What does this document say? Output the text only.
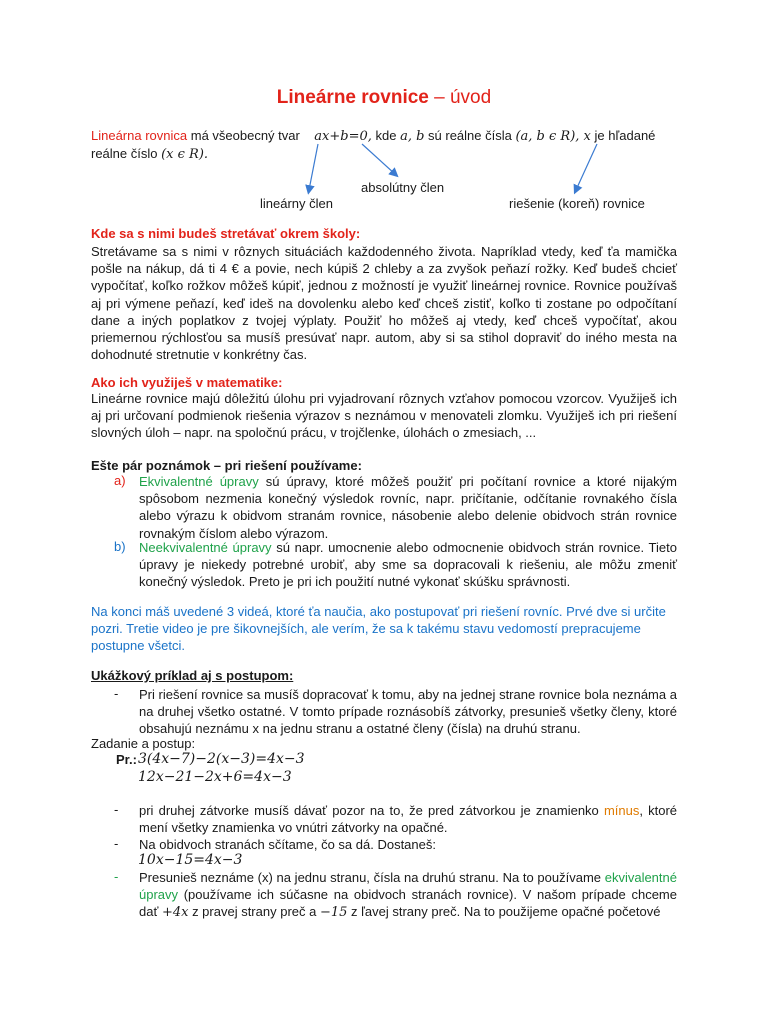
Lineárne rovnice – úvod
Lineárna rovnica má všeobecný tvar ax+b=0, kde a, b sú reálne čísla (a, b ϵ R), x je hľadané
reálne číslo (x ϵ R).
absolútny člen
lineárny člen	riešenie (koreň) rovnice
Kde sa s nimi budeš stretávať okrem školy:
Stretávame sa s nimi v rôznych situáciách každodenného života. Napríklad vtedy, keď ťa mamička pošle na nákup, dá ti 4 € a povie, nech kúpiš 2 chleby a za zvyšok peňazí rožky. Keď budeš chcieť vypočítať, koľko rožkov môžeš kúpiť, jednou z možností je využiť lineárnej rovnice. Rovnice používaš aj pri výmene peňazí, keď ideš na dovolenku alebo keď chceš zistiť, koľko ti zostane po odpočítaní dane a iných poplatkov z tvojej výplaty. Použiť ho môžeš aj vtedy, keď chceš vypočítať, akou priemernou rýchlosťou sa musíš presúvať napr. autom, aby si sa stihol dopraviť do iného mesta na dohodnuté stretnutie v konkrétny čas.
Ako ich využiješ v matematike:
Lineárne rovnice majú dôležitú úlohu pri vyjadrovaní rôznych vzťahov pomocou vzorcov. Využiješ ich aj pri určovaní podmienok riešenia výrazov s neznámou v menovateli zlomku. Využiješ ich pri riešení slovných úloh – napr. na spoločnú prácu, v trojčlenke, úlohách o zmesiach, ...
Ešte pár poznámok – pri riešení používame:
a) Ekvivalentné úpravy sú úpravy, ktoré môžeš použiť pri počítaní rovnice a ktoré nijakým spôsobom nezmenia konečný výsledok rovníc, napr. pričítanie, odčítanie rovnakého čísla alebo výrazu k obidvom stranám rovnice, násobenie alebo delenie obidvoch strán rovnice rovnakým číslom alebo výrazom.
b) Neekvivalentné úpravy sú napr. umocnenie alebo odmocnenie obidvoch strán rovnice. Tieto úpravy je niekedy potrebné urobiť, aby sme sa dopracovali k riešeniu, ale môžu zmeniť konečný výsledok. Preto je pri ich použití nutné vykonať skúšku správnosti.
Na konci máš uvedené 3 videá, ktoré ťa naučia, ako postupovať pri riešení rovníc. Prvé dve si určite pozri. Tretie video je pre šikovnejších, ale verím, že sa k takému stavu vedomostí prepracujeme postupne všetci.
Ukážkový príklad aj s postupom:
- Pri riešení rovnice sa musíš dopracovať k tomu, aby na jednej strane rovnice bola neznáma a na druhej všetko ostatné. V tomto prípade roznásobíš zátvorky, presunieš všetky členy, ktoré obsahujú neznámu x na jednu stranu a ostatné členy (čísla) na druhú stranu.
Zadanie a postup:
Pr.: 3(4x−7)−2(x−3)=4x−3
12x−21−2x+6=4x−3
- pri druhej zátvorke musíš dávať pozor na to, že pred zátvorkou je znamienko mínus, ktoré mení všetky znamienka vo vnútri zátvorky na opačné.
- Na obidvoch stranách sčítame, čo sa dá. Dostaneš:
10x−15=4x−3
- Presunieš neznáme (x) na jednu stranu, čísla na druhú stranu. Na to používame ekvivalentné úpravy (používame ich súčasne na obidvoch stranách rovnice). V našom prípade chceme dať +4x z pravej strany preč a −15 z ľavej strany preč. Na to použijeme opačné početové
